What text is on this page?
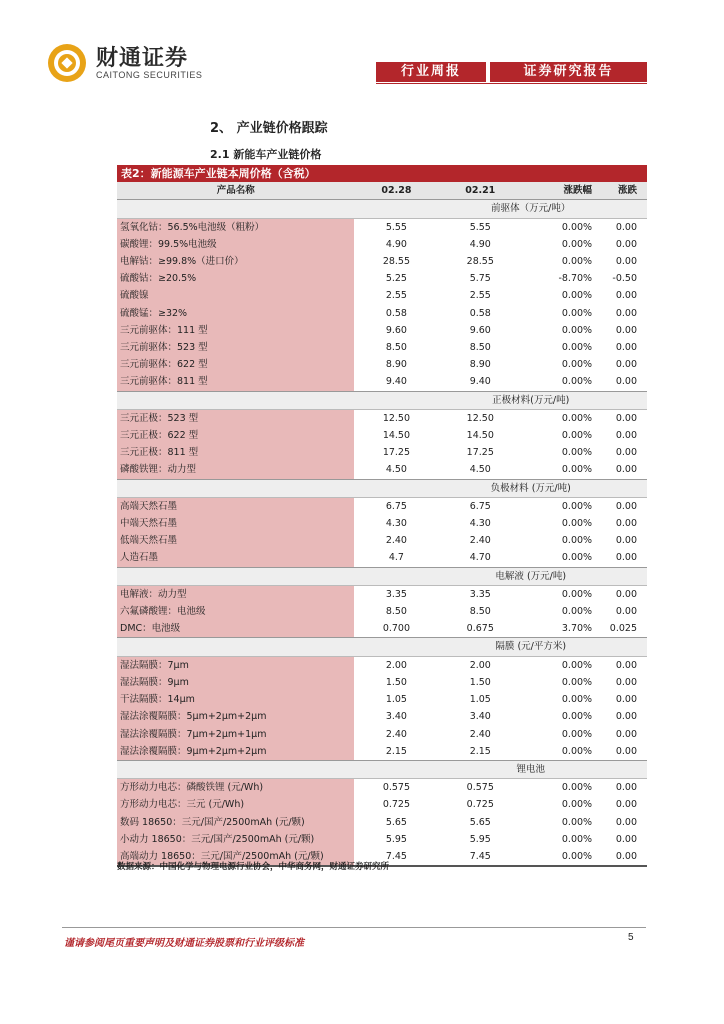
财通证券
CAITONG SECURITIES	行业周报	证券研究报告
2、 产业链价格跟踪
2.1 新能车产业链价格
表2：新能源车产业链本周价格（含税）				
产品名称	02.28	02.21	涨跌幅	涨跌
	前驱体（万元/吨）			
氢氧化钴：56.5%电池级（粗粉）	5.55	5.55	0.00%	0.00
碳酸锂：99.5%电池级	4.90	4.90	0.00%	0.00
电解钴：≥99.8%（进口价）	28.55	28.55	0.00%	0.00
硫酸钴：≥20.5%	5.25	5.75	-8.70%	-0.50
硫酸镍	2.55	2.55	0.00%	0.00
硫酸锰：≥32%	0.58	0.58	0.00%	0.00
三元前驱体：111 型	9.60	9.60	0.00%	0.00
三元前驱体：523 型	8.50	8.50	0.00%	0.00
三元前驱体：622 型	8.90	8.90	0.00%	0.00
三元前驱体：811 型	9.40	9.40	0.00%	0.00
	正极材料(万元/吨)			
三元正极：523 型	12.50	12.50	0.00%	0.00
三元正极：622 型	14.50	14.50	0.00%	0.00
三元正极：811 型	17.25	17.25	0.00%	0.00
磷酸铁锂：动力型	4.50	4.50	0.00%	0.00
	负极材料 (万元/吨)			
高端天然石墨	6.75	6.75	0.00%	0.00
中端天然石墨	4.30	4.30	0.00%	0.00
低端天然石墨	2.40	2.40	0.00%	0.00
人造石墨	4.7	4.70	0.00%	0.00
	电解液 (万元/吨)			
电解液：动力型	3.35	3.35	0.00%	0.00
六氟磷酸锂：电池级	8.50	8.50	0.00%	0.00
DMC：电池级	0.700	0.675	3.70%	0.025
	隔膜 (元/平方米)			
湿法隔膜：7μm	2.00	2.00	0.00%	0.00
湿法隔膜：9μm	1.50	1.50	0.00%	0.00
干法隔膜：14μm	1.05	1.05	0.00%	0.00
湿法涂覆隔膜：5μm+2μm+2μm	3.40	3.40	0.00%	0.00
湿法涂覆隔膜：7μm+2μm+1μm	2.40	2.40	0.00%	0.00
湿法涂覆隔膜：9μm+2μm+2μm	2.15	2.15	0.00%	0.00
	锂电池			
方形动力电芯：磷酸铁锂 (元/Wh)	0.575	0.575	0.00%	0.00
方形动力电芯：三元 (元/Wh)	0.725	0.725	0.00%	0.00
数码 18650：三元/国产/2500mAh (元/颗)	5.65	5.65	0.00%	0.00
小动力 18650：三元/国产/2500mAh (元/颗)	5.95	5.95	0.00%	0.00
高端动力 18650：三元/国产/2500mAh (元/颗)	7.45	7.45	0.00%	0.00
数据来源：中国化学与物理电源行业协会，中华商务网，财通证券研究所
谨请参阅尾页重要声明及财通证券股票和行业评级标准
5
